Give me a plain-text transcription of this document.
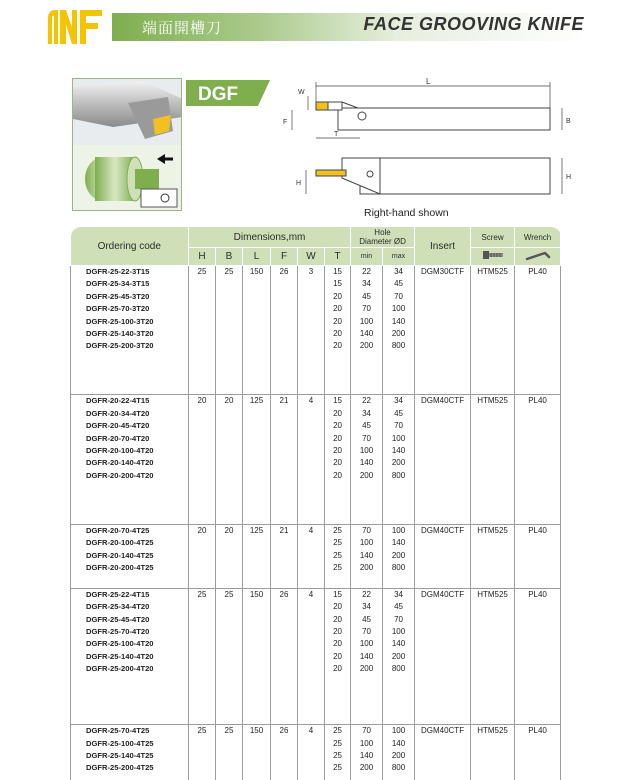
端面開槽刀	FACE GROOVING KNIFE
DGF
L
W
F
T
B
H
H
Right-hand shown
Ordering code	Dimensions,mm						Hole
Diameter ØD		Insert	Screw	Wrench
	H	B	L	F	W	T	min	max		
DGFR-25-22-3T15	25	25	150	26	3	15	22	34	DGM30CTF	HTM525	PL40
DGFR-25-34-3T15						15	34	45			
DGFR-25-45-3T20						20	45	70			
DGFR-25-70-3T20						20	70	100			
DGFR-25-100-3T20						20	100	140			
DGFR-25-140-3T20						20	140	200			
DGFR-25-200-3T20						20	200	800			

DGFR-20-22-4T15	20	20	125	21	4	15	22	34	DGM40CTF	HTM525	PL40
DGFR-20-34-4T20						20	34	45			
DGFR-20-45-4T20						20	45	70			
DGFR-20-70-4T20						20	70	100			
DGFR-20-100-4T20						20	100	140			
DGFR-20-140-4T20						20	140	200			
DGFR-20-200-4T20						20	200	800			

DGFR-20-70-4T25	20	20	125	21	4	25	70	100	DGM40CTF	HTM525	PL40
DGFR-20-100-4T25						25	100	140			
DGFR-20-140-4T25						25	140	200			
DGFR-20-200-4T25						25	200	800			

DGFR-25-22-4T15	25	25	150	26	4	15	22	34	DGM40CTF	HTM525	PL40
DGFR-25-34-4T20						20	34	45			
DGFR-25-45-4T20						20	45	70			
DGFR-25-70-4T20						20	70	100			
DGFR-25-100-4T20						20	100	140			
DGFR-25-140-4T20						20	140	200			
DGFR-25-200-4T20						20	200	800			

DGFR-25-70-4T25	25	25	150	26	4	25	70	100	DGM40CTF	HTM525	PL40
DGFR-25-100-4T25						25	100	140			
DGFR-25-140-4T25						25	140	200			
DGFR-25-200-4T25						25	200	800			
